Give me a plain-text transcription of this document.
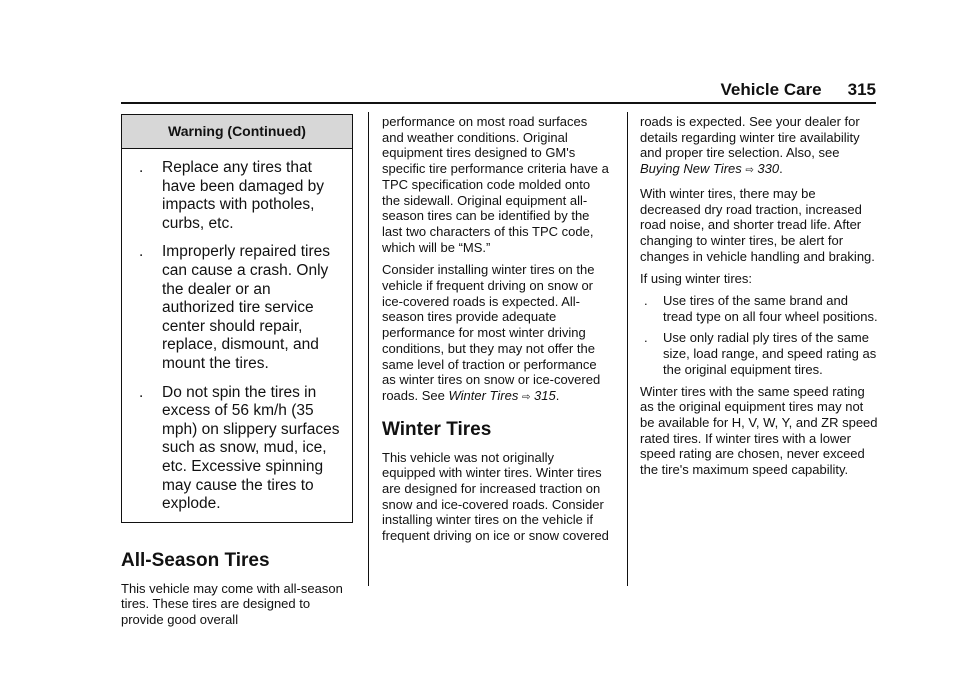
Vehicle Care 315
Warning (Continued)
. Replace any tires that have been damaged by impacts with potholes, curbs, etc.
. Improperly repaired tires can cause a crash. Only the dealer or an authorized tire service center should repair, replace, dismount, and mount the tires.
. Do not spin the tires in excess of 56 km/h (35 mph) on slippery surfaces such as snow, mud, ice, etc. Excessive spinning may cause the tires to explode.
All-Season Tires

This vehicle may come with all-season tires. These tires are designed to provide good overall

performance on most road surfaces and weather conditions. Original equipment tires designed to GM's specific tire performance criteria have a TPC specification code molded onto the sidewall. Original equipment all-season tires can be identified by the last two characters of this TPC code, which will be “MS.”

Consider installing winter tires on the vehicle if frequent driving on snow or ice-covered roads is expected. All-season tires provide adequate performance for most winter driving conditions, but they may not offer the same level of traction or performance as winter tires on snow or ice-covered roads. See Winter Tires ⇨ 315.

Winter Tires

This vehicle was not originally equipped with winter tires. Winter tires are designed for increased traction on snow and ice-covered roads. Consider installing winter tires on the vehicle if frequent driving on ice or snow covered

roads is expected. See your dealer for details regarding winter tire availability and proper tire selection. Also, see Buying New Tires ⇨ 330.

With winter tires, there may be decreased dry road traction, increased road noise, and shorter tread life. After changing to winter tires, be alert for changes in vehicle handling and braking.

If using winter tires:

. Use tires of the same brand and tread type on all four wheel positions.
. Use only radial ply tires of the same size, load range, and speed rating as the original equipment tires.

Winter tires with the same speed rating as the original equipment tires may not be available for H, V, W, Y, and ZR speed rated tires. If winter tires with a lower speed rating are chosen, never exceed the tire's maximum speed capability.
